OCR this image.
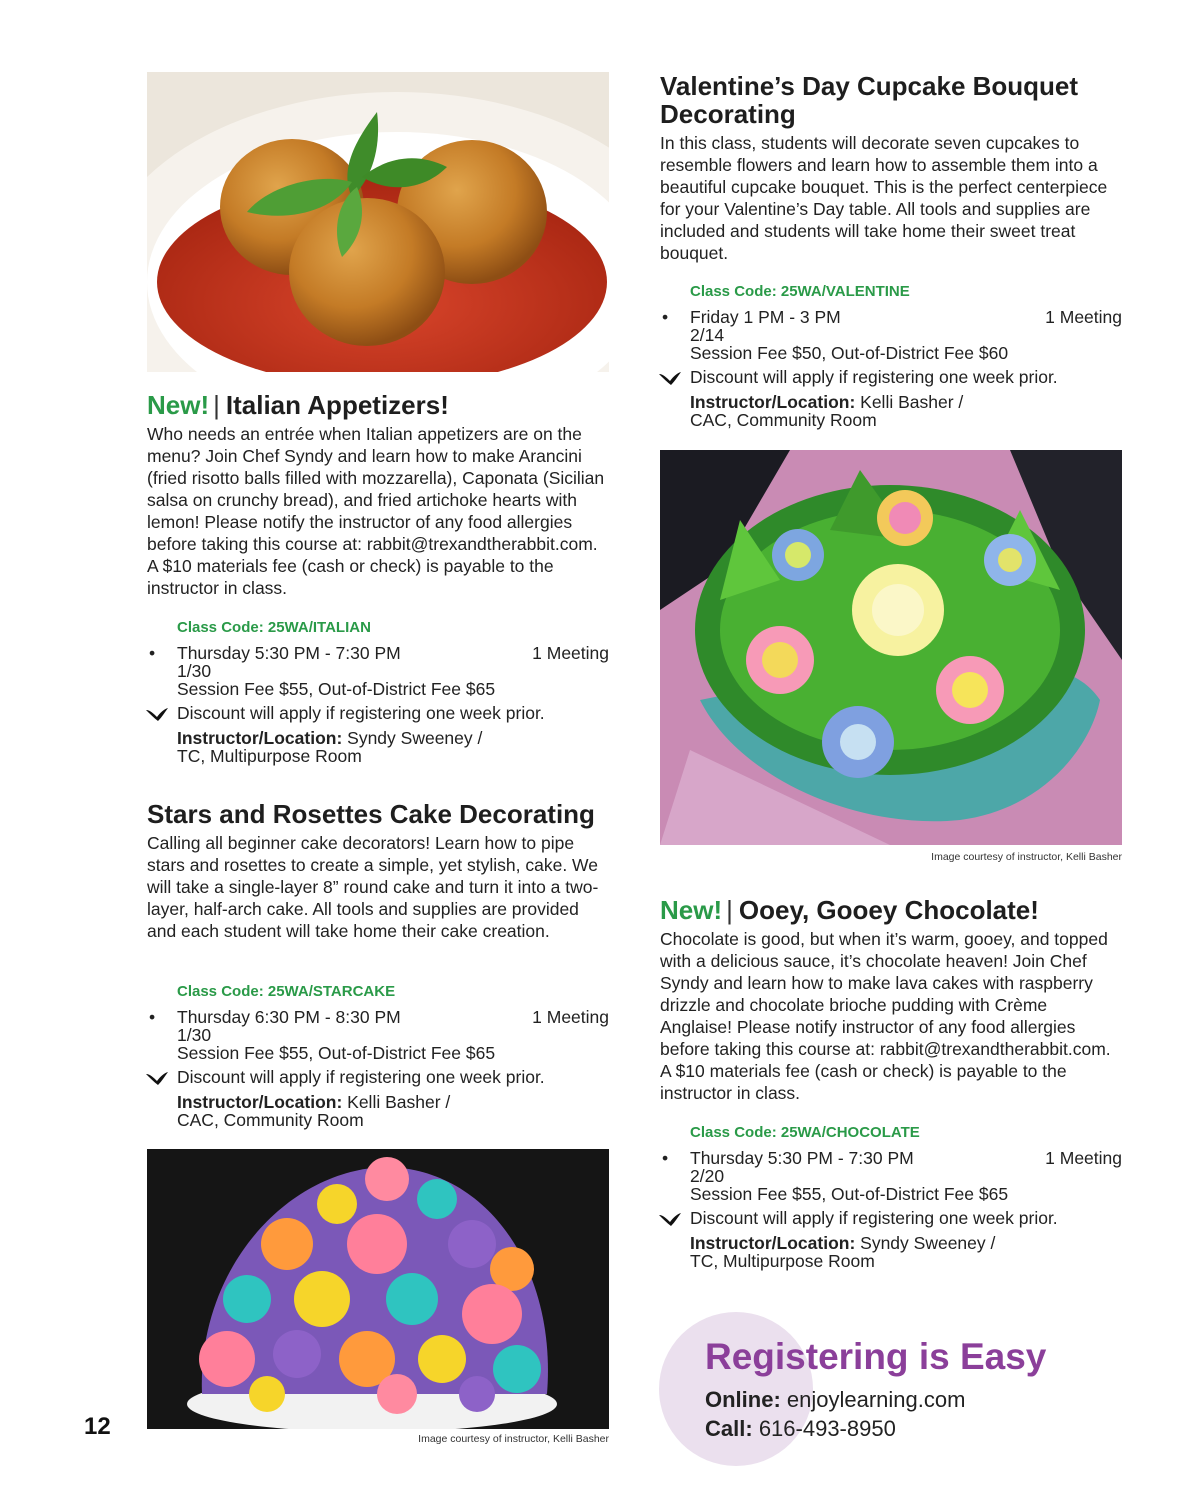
New! | Italian Appetizers!

Who needs an entrée when Italian appetizers are on the menu? Join Chef Syndy and learn how to make Arancini (fried risotto balls filled with mozzarella), Caponata (Sicilian salsa on crunchy bread), and fried artichoke hearts with lemon! Please notify the instructor of any food allergies before taking this course at: rabbit@trexandtherabbit.com. A $10 materials fee (cash or check) is payable to the instructor in class.

Class Code: 25WA/ITALIAN
• Thursday 5:30 PM - 7:30 PM	1 Meeting
1/30
Session Fee $55, Out-of-District Fee $65
Discount will apply if registering one week prior.
Instructor/Location: Syndy Sweeney /
TC, Multipurpose Room
Stars and Rosettes Cake Decorating

Calling all beginner cake decorators! Learn how to pipe stars and rosettes to create a simple, yet stylish, cake. We will take a single-layer 8” round cake and turn it into a two-layer, half-arch cake. All tools and supplies are provided and each student will take home their cake creation.

Class Code: 25WA/STARCAKE
• Thursday 6:30 PM - 8:30 PM	1 Meeting
1/30
Session Fee $55, Out-of-District Fee $65
Discount will apply if registering one week prior.
Instructor/Location: Kelli Basher /
CAC, Community Room
Image courtesy of instructor, Kelli Basher
12
Valentine’s Day Cupcake Bouquet Decorating

In this class, students will decorate seven cupcakes to resemble flowers and learn how to assemble them into a beautiful cupcake bouquet. This is the perfect centerpiece for your Valentine’s Day table. All tools and supplies are included and students will take home their sweet treat bouquet.

Class Code: 25WA/VALENTINE
• Friday 1 PM - 3 PM	1 Meeting
2/14
Session Fee $50, Out-of-District Fee $60
Discount will apply if registering one week prior.
Instructor/Location: Kelli Basher /
CAC, Community Room
Image courtesy of instructor, Kelli Basher
New! | Ooey, Gooey Chocolate!

Chocolate is good, but when it’s warm, gooey, and topped with a delicious sauce, it’s chocolate heaven! Join Chef Syndy and learn how to make lava cakes with raspberry drizzle and chocolate brioche pudding with Crème Anglaise! Please notify instructor of any food allergies before taking this course at: rabbit@trexandtherabbit.com. A $10 materials fee (cash or check) is payable to the instructor in class.

Class Code: 25WA/CHOCOLATE
• Thursday 5:30 PM - 7:30 PM	1 Meeting
2/20
Session Fee $55, Out-of-District Fee $65
Discount will apply if registering one week prior.
Instructor/Location: Syndy Sweeney /
TC, Multipurpose Room
Registering is Easy
Online: enjoylearning.com
Call: 616-493-8950
